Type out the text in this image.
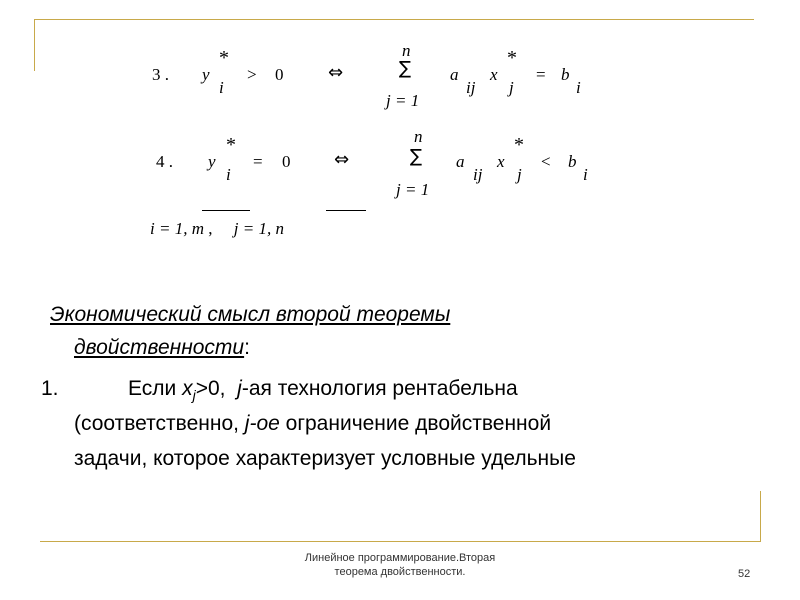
3 . y
*
i
> 0 ⇔
n
∑
j = 1
a
ij
x
*
j
= b
i
4 . y
*
i
= 0 ⇔
n
∑
j = 1
a
ij
x
*
j
< b
i
i = 1, m ,     j = 1, n
Экономический смысл второй теоремы
двойственности:
1.	Если $x_j>0$,  j-ая технология рентабельна
(соответственно, j-ое ограничение двойственной
задачи, которое характеризует условные удельные
Линейное программирование.Вторая
теорема двойственности.	52
